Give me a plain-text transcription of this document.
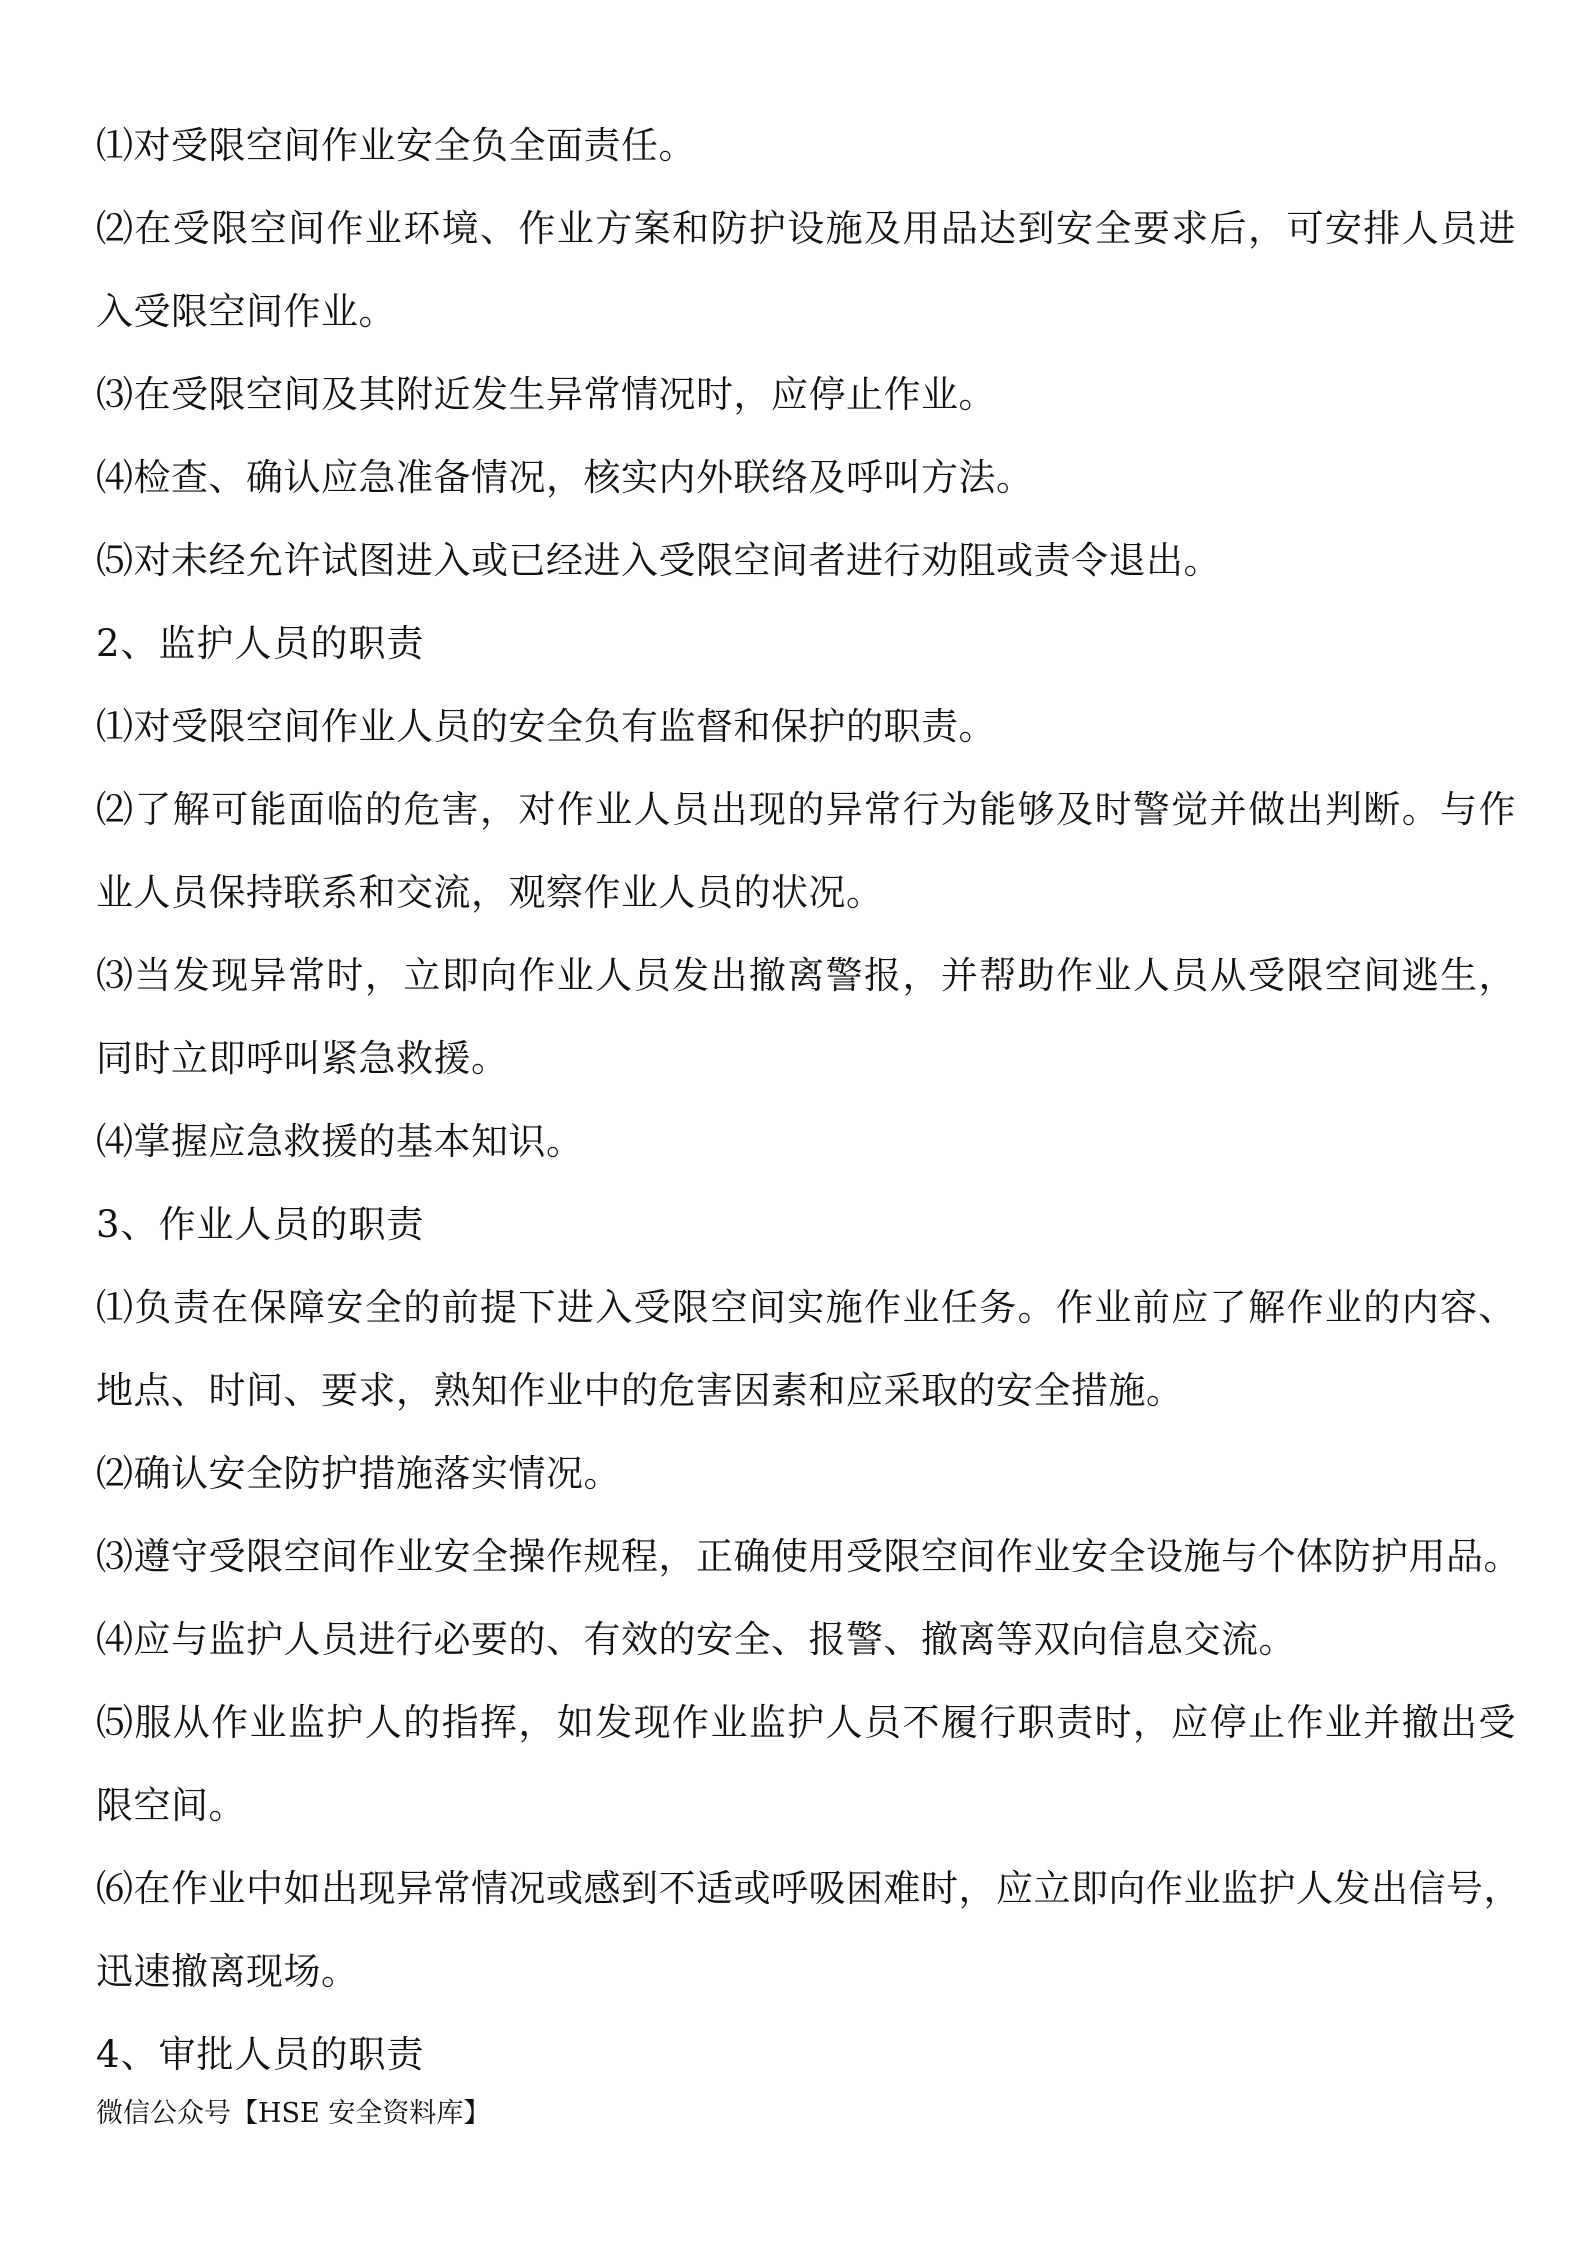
⑴对受限空间作业安全负全面责任。
⑵在受限空间作业环境、作业方案和防护设施及用品达到安全要求后，可安排人员进
入受限空间作业。
⑶在受限空间及其附近发生异常情况时，应停止作业。
⑷检查、确认应急准备情况，核实内外联络及呼叫方法。
⑸对未经允许试图进入或已经进入受限空间者进行劝阻或责令退出。
2、监护人员的职责
⑴对受限空间作业人员的安全负有监督和保护的职责。
⑵了解可能面临的危害，对作业人员出现的异常行为能够及时警觉并做出判断。与作
业人员保持联系和交流，观察作业人员的状况。
⑶当发现异常时，立即向作业人员发出撤离警报，并帮助作业人员从受限空间逃生，
同时立即呼叫紧急救援。
⑷掌握应急救援的基本知识。
3、作业人员的职责
⑴负责在保障安全的前提下进入受限空间实施作业任务。作业前应了解作业的内容、
地点、时间、要求，熟知作业中的危害因素和应采取的安全措施。
⑵确认安全防护措施落实情况。
⑶遵守受限空间作业安全操作规程，正确使用受限空间作业安全设施与个体防护用品。
⑷应与监护人员进行必要的、有效的安全、报警、撤离等双向信息交流。
⑸服从作业监护人的指挥，如发现作业监护人员不履行职责时，应停止作业并撤出受
限空间。
⑹在作业中如出现异常情况或感到不适或呼吸困难时，应立即向作业监护人发出信号，
迅速撤离现场。
4、审批人员的职责
微信公众号【HSE 安全资料库】
